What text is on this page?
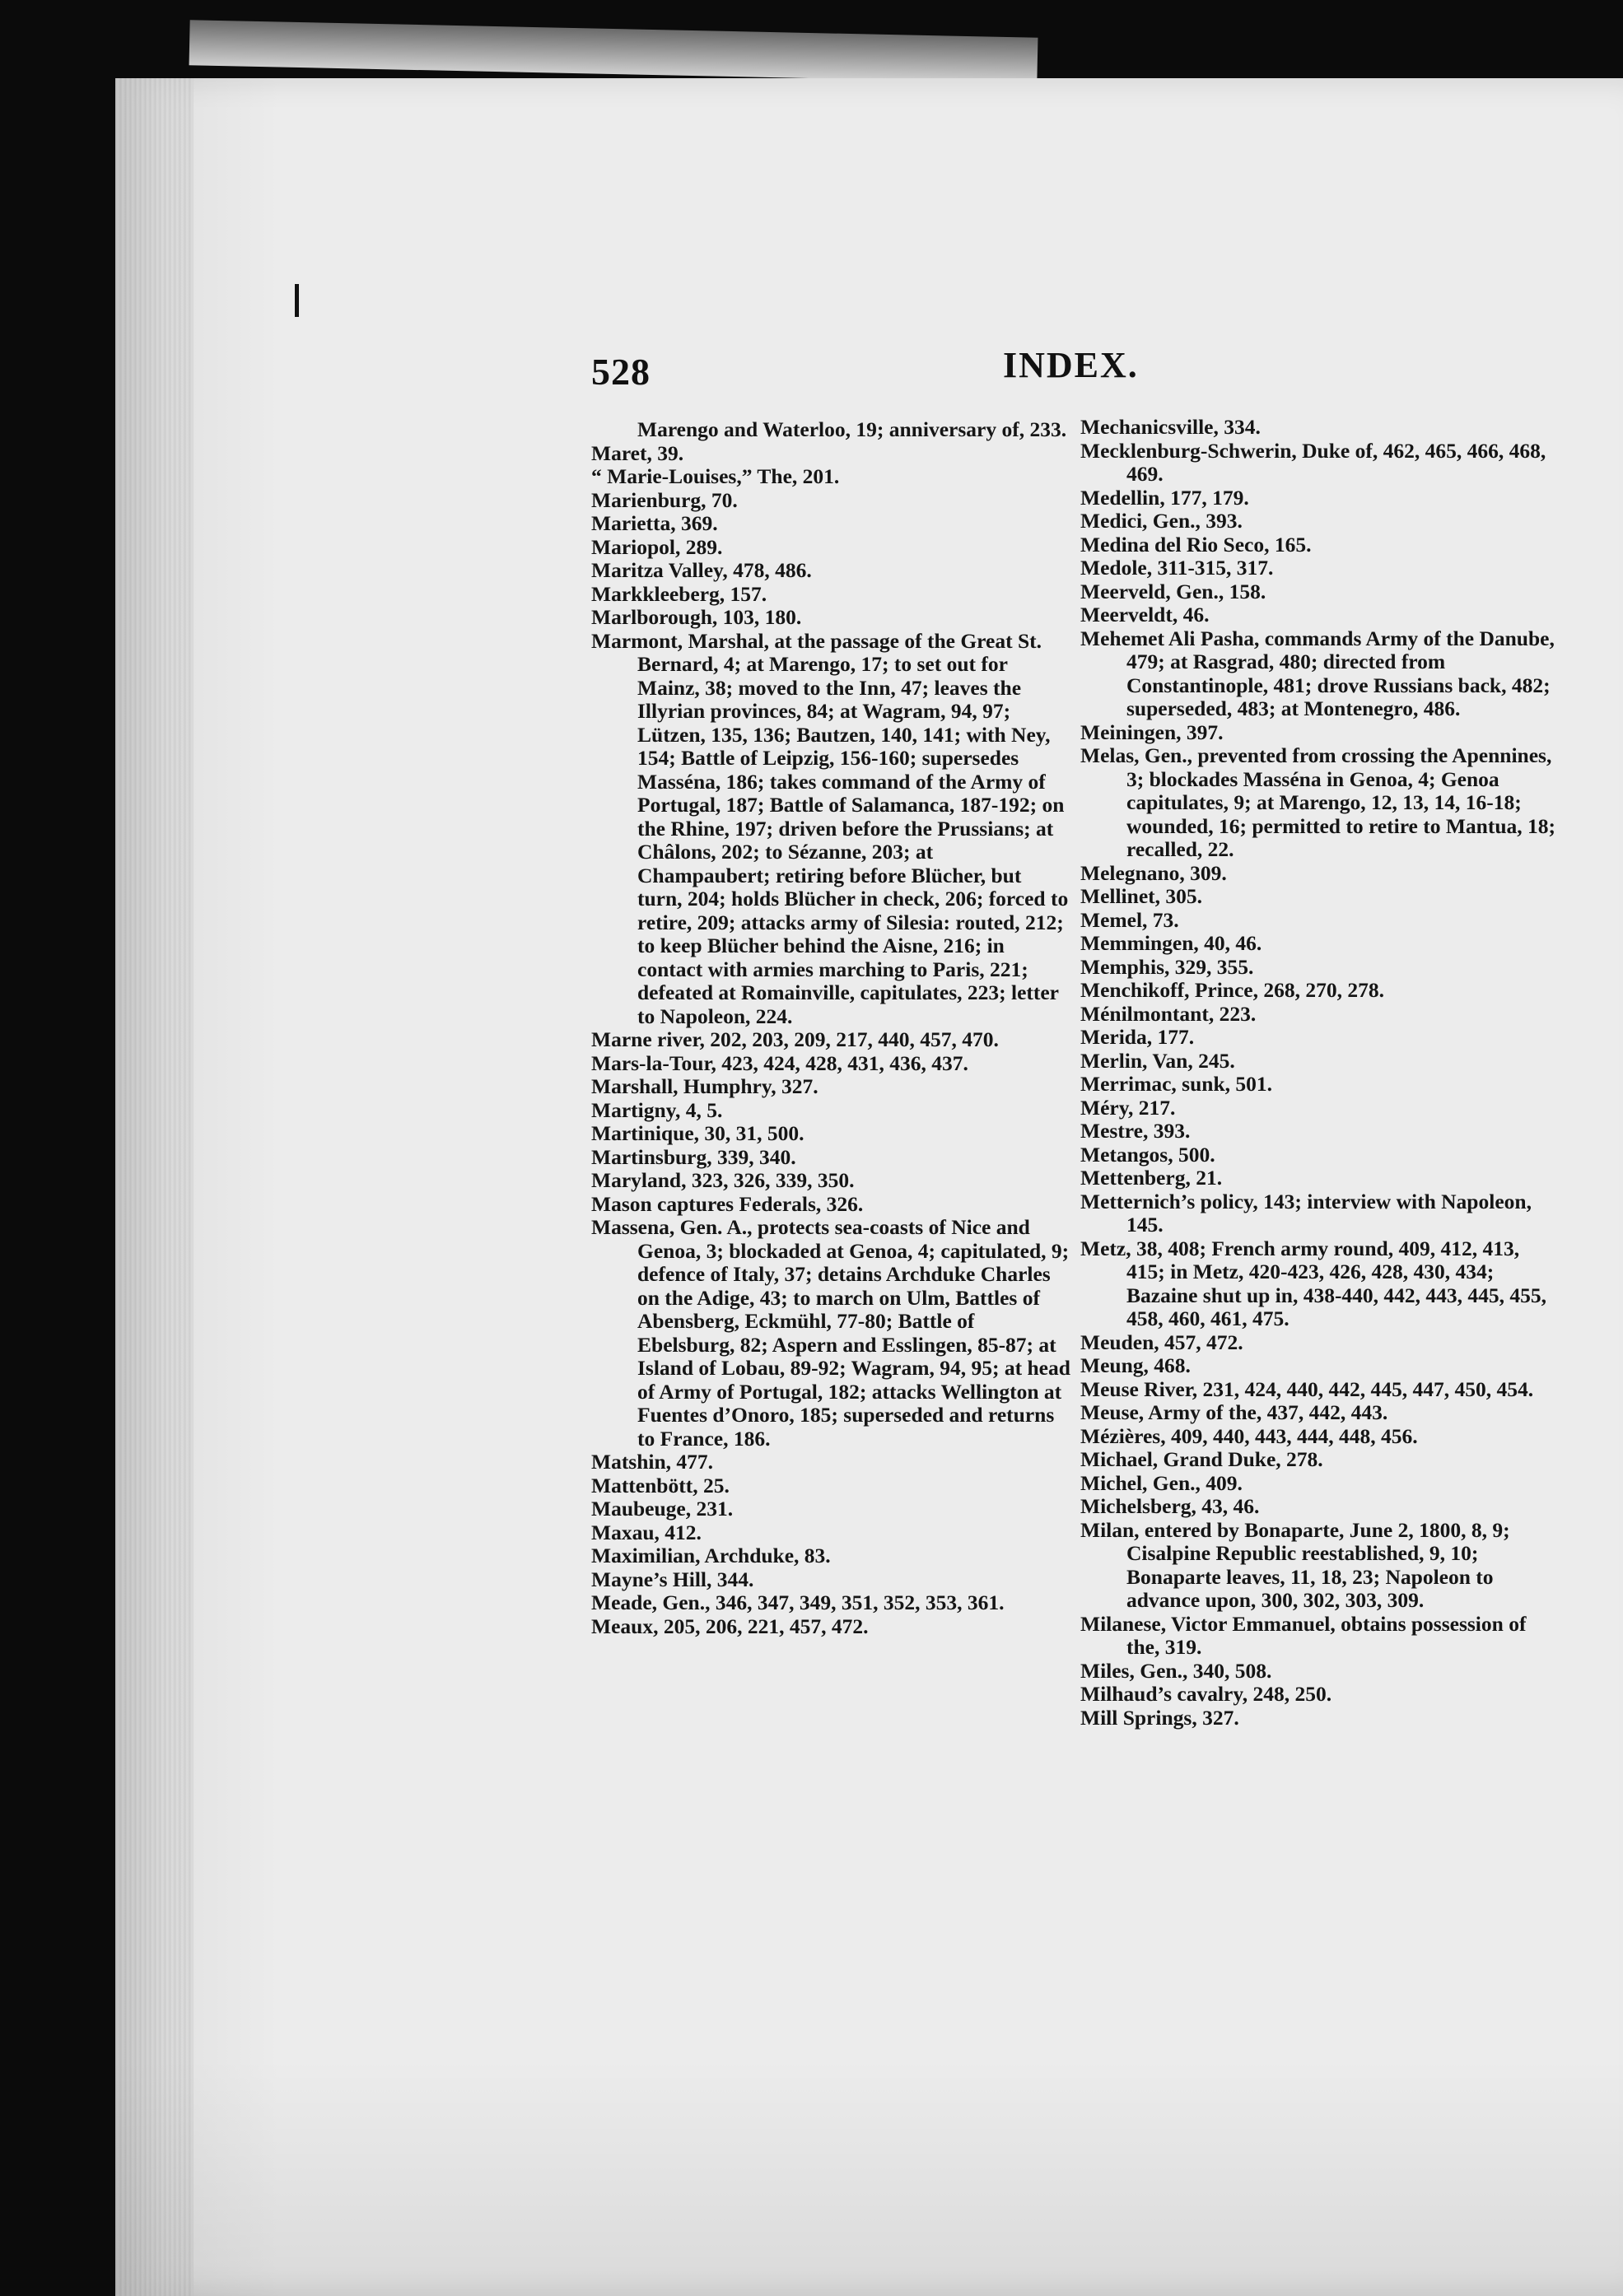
528	INDEX.
Marengo and Waterloo, 19; anniversary of, 233.
Maret, 39.
“ Marie-Louises,” The, 201.
Marienburg, 70.
Marietta, 369.
Mariopol, 289.
Maritza Valley, 478, 486.
Markkleeberg, 157.
Marlborough, 103, 180.
Marmont, Marshal, at the passage of the Great St. Bernard, 4; at Marengo, 17; to set out for Mainz, 38; moved to the Inn, 47; leaves the Illyrian provinces, 84; at Wagram, 94, 97; Lützen, 135, 136; Bautzen, 140, 141; with Ney, 154; Battle of Leipzig, 156-160; supersedes Masséna, 186; takes command of the Army of Portugal, 187; Battle of Salamanca, 187-192; on the Rhine, 197; driven before the Prussians; at Châlons, 202; to Sézanne, 203; at Champaubert; retiring before Blücher, but turn, 204; holds Blücher in check, 206; forced to retire, 209; attacks army of Silesia: routed, 212; to keep Blücher behind the Aisne, 216; in contact with armies marching to Paris, 221; defeated at Romainville, capitulates, 223; letter to Napoleon, 224.
Marne river, 202, 203, 209, 217, 440, 457, 470.
Mars-la-Tour, 423, 424, 428, 431, 436, 437.
Marshall, Humphry, 327.
Martigny, 4, 5.
Martinique, 30, 31, 500.
Martinsburg, 339, 340.
Maryland, 323, 326, 339, 350.
Mason captures Federals, 326.
Massena, Gen. A., protects sea-coasts of Nice and Genoa, 3; blockaded at Genoa, 4; capitulated, 9; defence of Italy, 37; detains Archduke Charles on the Adige, 43; to march on Ulm, Battles of Abensberg, Eckmühl, 77-80; Battle of Ebelsburg, 82; Aspern and Esslingen, 85-87; at Island of Lobau, 89-92; Wagram, 94, 95; at head of Army of Portugal, 182; attacks Wellington at Fuentes d’Onoro, 185; superseded and returns to France, 186.
Matshin, 477.
Mattenbött, 25.
Maubeuge, 231.
Maxau, 412.
Maximilian, Archduke, 83.
Mayne’s Hill, 344.
Meade, Gen., 346, 347, 349, 351, 352, 353, 361.
Meaux, 205, 206, 221, 457, 472.
Mechanicsville, 334.
Mecklenburg-Schwerin, Duke of, 462, 465, 466, 468, 469.
Medellin, 177, 179.
Medici, Gen., 393.
Medina del Rio Seco, 165.
Medole, 311-315, 317.
Meerveld, Gen., 158.
Meerveldt, 46.
Mehemet Ali Pasha, commands Army of the Danube, 479; at Rasgrad, 480; directed from Constantinople, 481; drove Russians back, 482; superseded, 483; at Montenegro, 486.
Meiningen, 397.
Melas, Gen., prevented from crossing the Apennines, 3; blockades Masséna in Genoa, 4; Genoa capitulates, 9; at Marengo, 12, 13, 14, 16-18; wounded, 16; permitted to retire to Mantua, 18; recalled, 22.
Melegnano, 309.
Mellinet, 305.
Memel, 73.
Memmingen, 40, 46.
Memphis, 329, 355.
Menchikoff, Prince, 268, 270, 278.
Ménilmontant, 223.
Merida, 177.
Merlin, Van, 245.
Merrimac, sunk, 501.
Méry, 217.
Mestre, 393.
Metangos, 500.
Mettenberg, 21.
Metternich’s policy, 143; interview with Napoleon, 145.
Metz, 38, 408; French army round, 409, 412, 413, 415; in Metz, 420-423, 426, 428, 430, 434; Bazaine shut up in, 438-440, 442, 443, 445, 455, 458, 460, 461, 475.
Meuden, 457, 472.
Meung, 468.
Meuse River, 231, 424, 440, 442, 445, 447, 450, 454.
Meuse, Army of the, 437, 442, 443.
Mézières, 409, 440, 443, 444, 448, 456.
Michael, Grand Duke, 278.
Michel, Gen., 409.
Michelsberg, 43, 46.
Milan, entered by Bonaparte, June 2, 1800, 8, 9; Cisalpine Republic reestablished, 9, 10; Bonaparte leaves, 11, 18, 23; Napoleon to advance upon, 300, 302, 303, 309.
Milanese, Victor Emmanuel, obtains possession of the, 319.
Miles, Gen., 340, 508.
Milhaud’s cavalry, 248, 250.
Mill Springs, 327.
